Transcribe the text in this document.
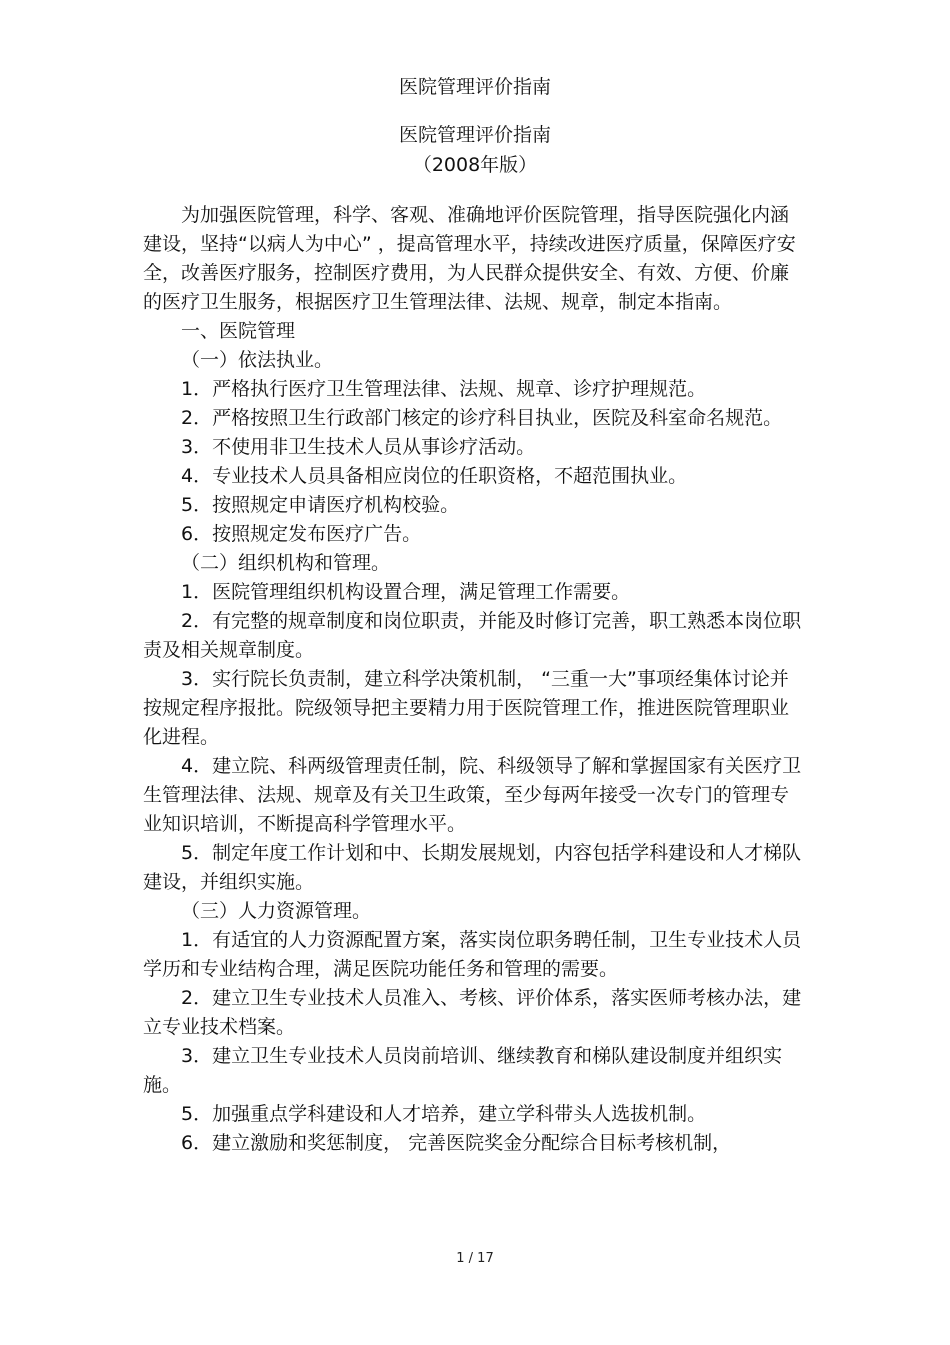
医院管理评价指南
医院管理评价指南
（2008年版）

为加强医院管理，科学、客观、准确地评价医院管理，指导医院强化内涵建设，坚持“以病人为中心” ，提高管理水平，持续改进医疗质量，保障医疗安全，改善医疗服务，控制医疗费用，为人民群众提供安全、有效、方便、价廉的医疗卫生服务，根据医疗卫生管理法律、法规、规章，制定本指南。

一、医院管理

（一）依法执业。

1．严格执行医疗卫生管理法律、法规、规章、诊疗护理规范。

2．严格按照卫生行政部门核定的诊疗科目执业，医院及科室命名规范。

3．不使用非卫生技术人员从事诊疗活动。

4．专业技术人员具备相应岗位的任职资格，不超范围执业。

5．按照规定申请医疗机构校验。

6．按照规定发布医疗广告。

（二）组织机构和管理。

1．医院管理组织机构设置合理，满足管理工作需要。

2．有完整的规章制度和岗位职责，并能及时修订完善，职工熟悉本岗位职责及相关规章制度。

3．实行院长负责制，建立科学决策机制， “三重一大”事项经集体讨论并按规定程序报批。院级领导把主要精力用于医院管理工作，推进医院管理职业化进程。

4．建立院、科两级管理责任制，院、科级领导了解和掌握国家有关医疗卫生管理法律、法规、规章及有关卫生政策，至少每两年接受一次专门的管理专业知识培训，不断提高科学管理水平。

5．制定年度工作计划和中、长期发展规划，内容包括学科建设和人才梯队建设，并组织实施。

（三）人力资源管理。

1．有适宜的人力资源配置方案，落实岗位职务聘任制，卫生专业技术人员学历和专业结构合理，满足医院功能任务和管理的需要。

2．建立卫生专业技术人员准入、考核、评价体系，落实医师考核办法，建立专业技术档案。

3．建立卫生专业技术人员岗前培训、继续教育和梯队建设制度并组织实施。

5．加强重点学科建设和人才培养，建立学科带头人选拔机制。

6．建立激励和奖惩制度， 完善医院奖金分配综合目标考核机制，

1 / 17
